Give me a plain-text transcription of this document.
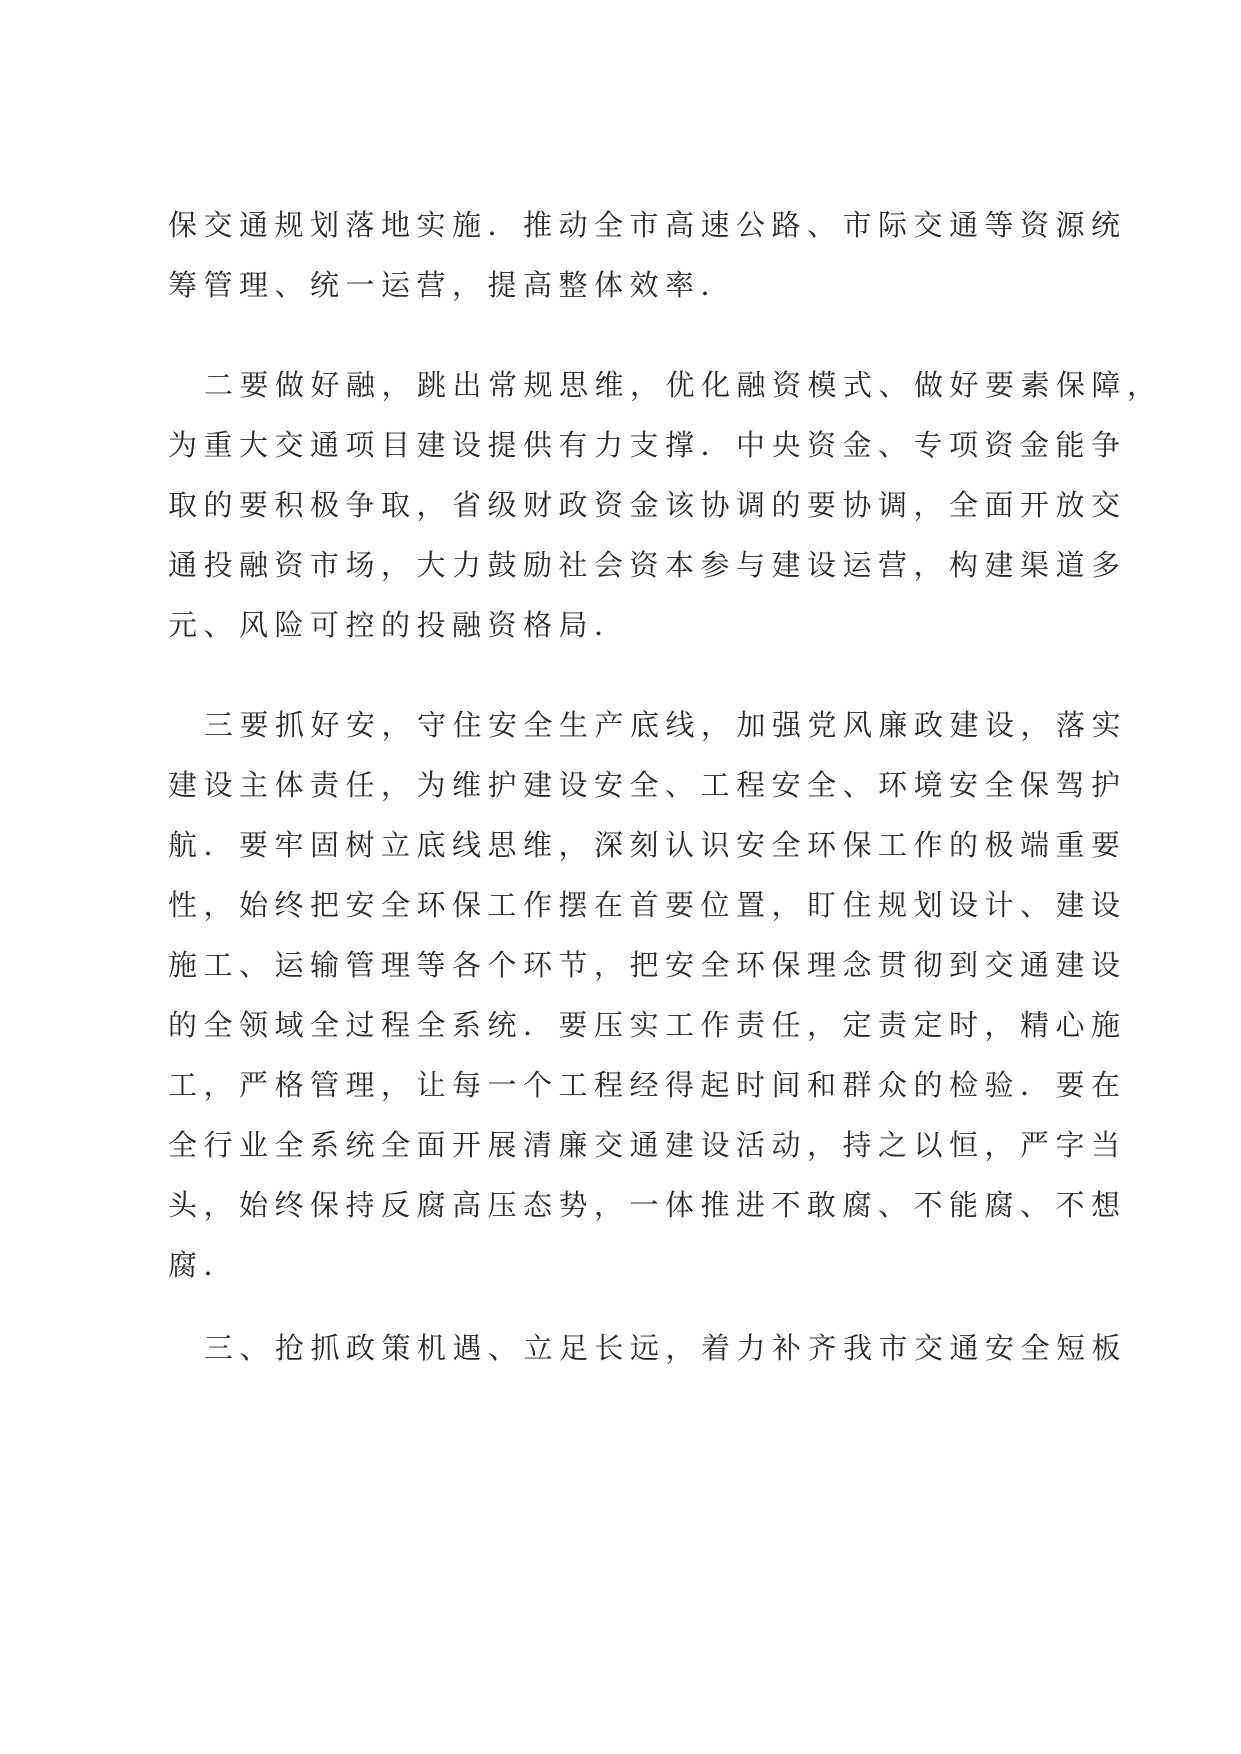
保交通规划落地实施．推动全市高速公路、市际交通等资源统
筹管理、统一运营，提高整体效率．
二要做好融，跳出常规思维，优化融资模式、做好要素保障，
为重大交通项目建设提供有力支撑．中央资金、专项资金能争
取的要积极争取，省级财政资金该协调的要协调，全面开放交
通投融资市场，大力鼓励社会资本参与建设运营，构建渠道多
元、风险可控的投融资格局．
三要抓好安，守住安全生产底线，加强党风廉政建设，落实
建设主体责任，为维护建设安全、工程安全、环境安全保驾护
航．要牢固树立底线思维，深刻认识安全环保工作的极端重要
性，始终把安全环保工作摆在首要位置，盯住规划设计、建设
施工、运输管理等各个环节，把安全环保理念贯彻到交通建设
的全领域全过程全系统．要压实工作责任，定责定时，精心施
工，严格管理，让每一个工程经得起时间和群众的检验．要在
全行业全系统全面开展清廉交通建设活动，持之以恒，严字当
头，始终保持反腐高压态势，一体推进不敢腐、不能腐、不想
腐．
三、抢抓政策机遇、立足长远，着力补齐我市交通安全短板
